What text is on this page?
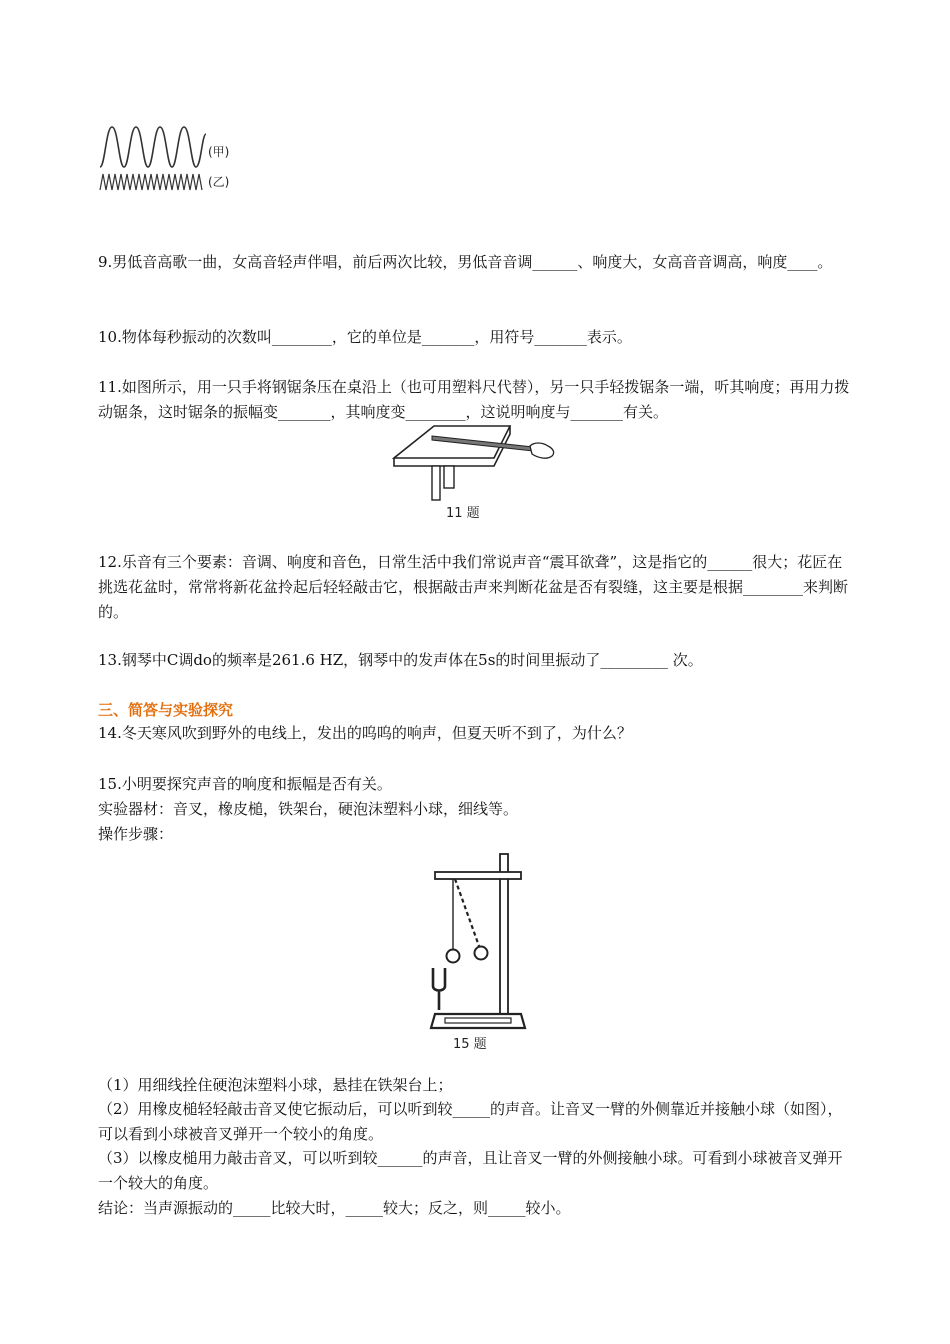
(甲)
(乙)

9.男低音高歌一曲，女高音轻声伴唱，前后两次比较，男低音音调______、响度大，女高音音调高，响度____。

10.物体每秒振动的次数叫________，它的单位是_______，用符号_______表示。

11.如图所示，用一只手将钢锯条压在桌沿上（也可用塑料尺代替），另一只手轻拨锯条一端，听其响度；再用力拨动锯条，这时锯条的振幅变_______，其响度变________，这说明响度与_______有关。

11 题

12.乐音有三个要素：音调、响度和音色，日常生活中我们常说声音“震耳欲聋”，这是指它的______很大；花匠在挑选花盆时，常常将新花盆拎起后轻轻敲击它，根据敲击声来判断花盆是否有裂缝，这主要是根据________来判断的。

13.钢琴中C调do的频率是261.6 HZ，钢琴中的发声体在5s的时间里振动了_________ 次。

三、简答与实验探究

14.冬天寒风吹到野外的电线上，发出的呜呜的响声，但夏天听不到了，为什么？

15.小明要探究声音的响度和振幅是否有关。

实验器材：音叉，橡皮槌，铁架台，硬泡沫塑料小球，细线等。

操作步骤：

15 题

（1）用细线拴住硬泡沫塑料小球，悬挂在铁架台上；

（2）用橡皮槌轻轻敲击音叉使它振动后，可以听到较_____的声音。让音叉一臂的外侧靠近并接触小球（如图），可以看到小球被音叉弹开一个较小的角度。

（3）以橡皮槌用力敲击音叉，可以听到较______的声音，且让音叉一臂的外侧接触小球。可看到小球被音叉弹开一个较大的角度。

结论：当声源振动的_____比较大时，_____较大；反之，则_____较小。
